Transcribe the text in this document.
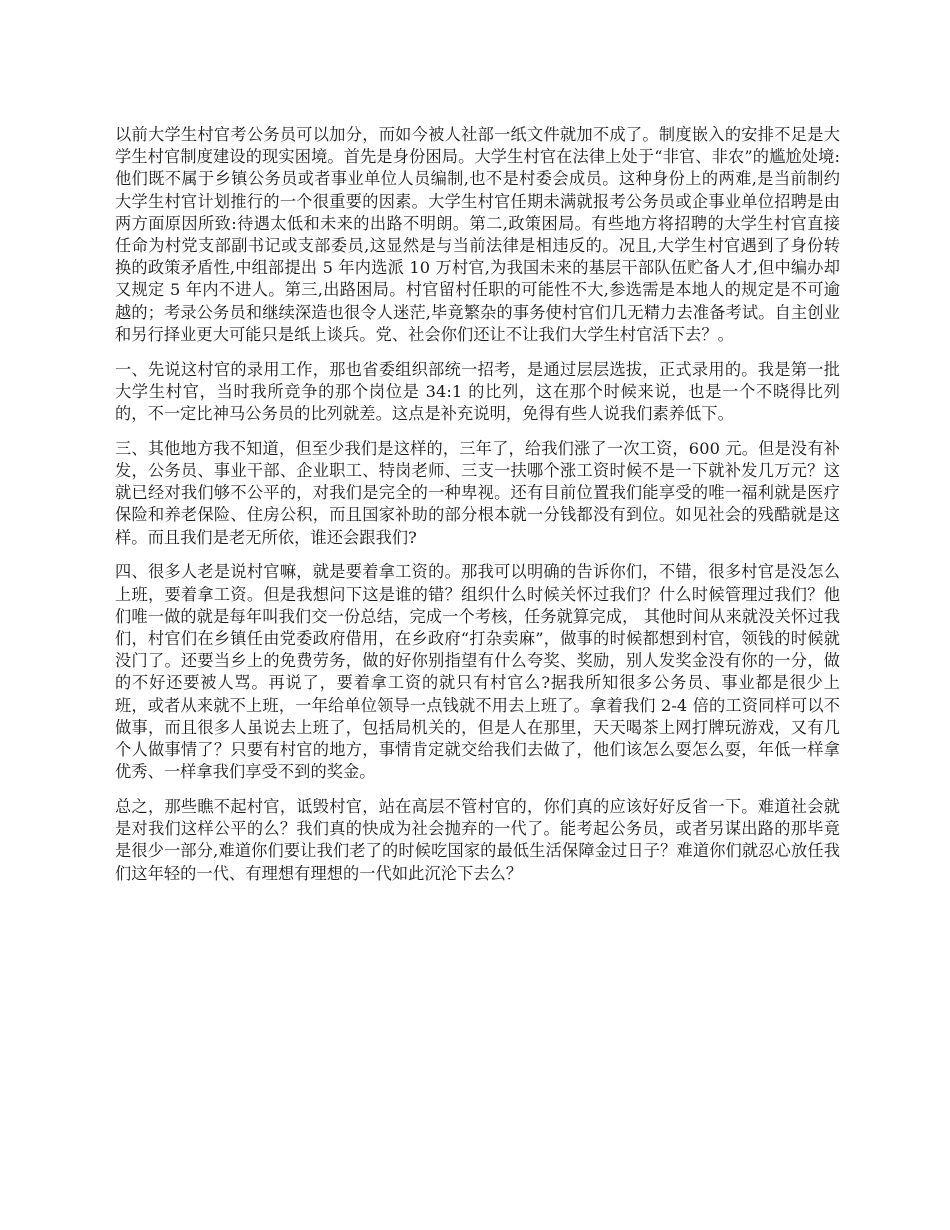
以前大学生村官考公务员可以加分，而如今被人社部一纸文件就加不成了。制度嵌入的安排不足是大学生村官制度建设的现实困境。首先是身份困局。大学生村官在法律上处于“非官、非农”的尴尬处境:他们既不属于乡镇公务员或者事业单位人员编制,也不是村委会成员。这种身份上的两难,是当前制约大学生村官计划推行的一个很重要的因素。大学生村官任期未满就报考公务员或企事业单位招聘是由两方面原因所致:待遇太低和未来的出路不明朗。第二,政策困局。有些地方将招聘的大学生村官直接任命为村党支部副书记或支部委员,这显然是与当前法律是相违反的。况且,大学生村官遇到了身份转换的政策矛盾性,中组部提出 5 年内选派 10 万村官,为我国未来的基层干部队伍贮备人才,但中编办却又规定 5 年内不进人。第三,出路困局。村官留村任职的可能性不大,参选需是本地人的规定是不可逾越的；考录公务员和继续深造也很令人迷茫,毕竟繁杂的事务使村官们几无精力去准备考试。自主创业和另行择业更大可能只是纸上谈兵。党、社会你们还让不让我们大学生村官活下去？。

一、先说这村官的录用工作，那也省委组织部统一招考，是通过层层选拔，正式录用的。我是第一批大学生村官，当时我所竞争的那个岗位是 34:1 的比列，这在那个时候来说，也是一个不晓得比列的，不一定比神马公务员的比列就差。这点是补充说明，免得有些人说我们素养低下。

三、其他地方我不知道，但至少我们是这样的，三年了，给我们涨了一次工资，600 元。但是没有补发，公务员、事业干部、企业职工、特岗老师、三支一扶哪个涨工资时候不是一下就补发几万元？这就已经对我们够不公平的，对我们是完全的一种卑视。还有目前位置我们能享受的唯一福利就是医疗保险和养老保险、住房公积，而且国家补助的部分根本就一分钱都没有到位。如见社会的残酷就是这样。而且我们是老无所依，谁还会跟我们?

四、很多人老是说村官嘛，就是要着拿工资的。那我可以明确的告诉你们，不错，很多村官是没怎么上班，要着拿工资。但是我想问下这是谁的错？组织什么时候关怀过我们？什么时候管理过我们？他们唯一做的就是每年叫我们交一份总结，完成一个考核，任务就算完成， 其他时间从来就没关怀过我们，村官们在乡镇任由党委政府借用，在乡政府“打杂卖麻”，做事的时候都想到村官，领钱的时候就没门了。还要当乡上的免费劳务，做的好你别指望有什么夸奖、奖励，别人发奖金没有你的一分，做的不好还要被人骂。再说了，要着拿工资的就只有村官么?据我所知很多公务员、事业都是很少上班，或者从来就不上班，一年给单位领导一点钱就不用去上班了。拿着我们 2-4 倍的工资同样可以不做事，而且很多人虽说去上班了，包括局机关的，但是人在那里，天天喝茶上网打牌玩游戏，又有几个人做事情了？只要有村官的地方，事情肯定就交给我们去做了，他们该怎么耍怎么耍，年低一样拿优秀、一样拿我们享受不到的奖金。

总之，那些瞧不起村官，诋毁村官，站在高层不管村官的，你们真的应该好好反省一下。难道社会就是对我们这样公平的么？我们真的快成为社会抛弃的一代了。能考起公务员，或者另谋出路的那毕竟是很少一部分,难道你们要让我们老了的时候吃国家的最低生活保障金过日子？难道你们就忍心放任我们这年轻的一代、有理想有理想的一代如此沉沦下去么？
